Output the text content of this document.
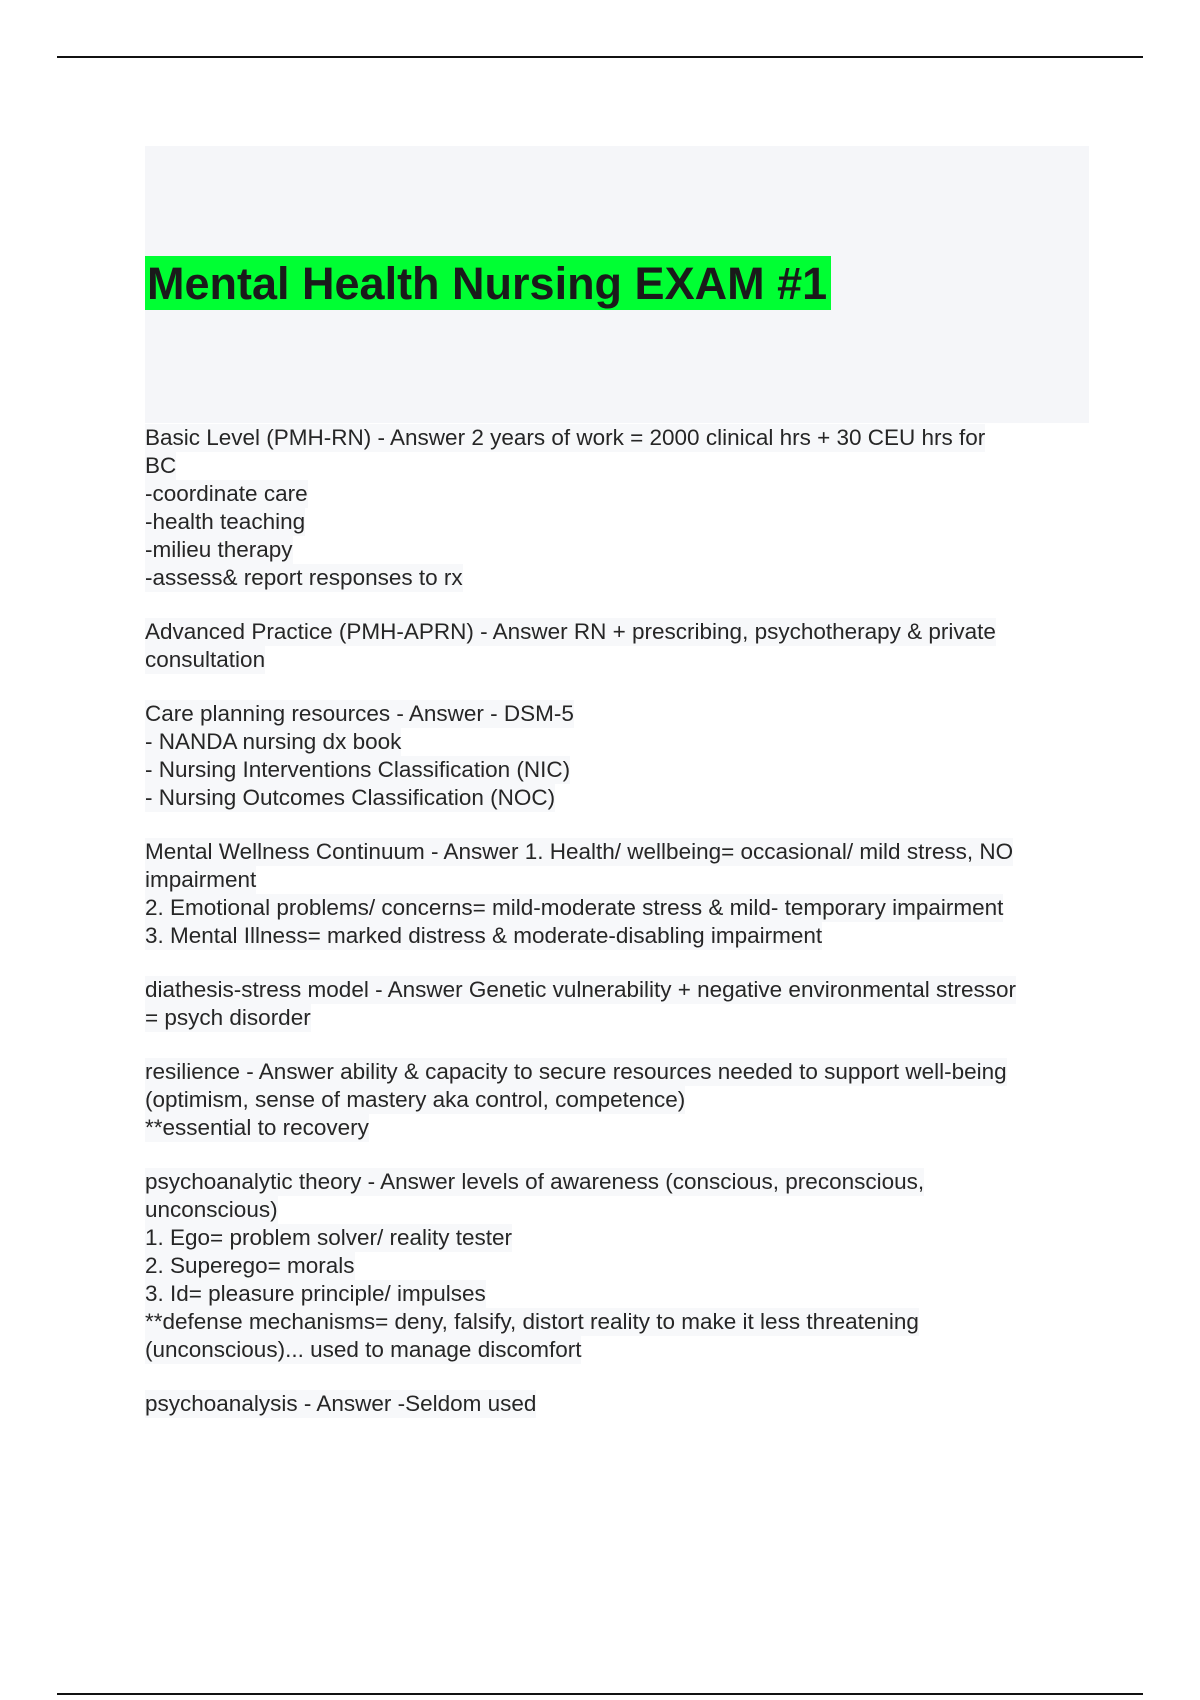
Mental Health Nursing EXAM #1
Basic Level (PMH-RN) - Answer 2 years of work = 2000 clinical hrs + 30 CEU hrs for
BC
-coordinate care
-health teaching
-milieu therapy
-assess& report responses to rx
Advanced Practice (PMH-APRN) - Answer RN + prescribing, psychotherapy & private
consultation
Care planning resources - Answer - DSM-5
- NANDA nursing dx book
- Nursing Interventions Classification (NIC)
- Nursing Outcomes Classification (NOC)
Mental Wellness Continuum - Answer 1. Health/ wellbeing= occasional/ mild stress, NO
impairment
2. Emotional problems/ concerns= mild-moderate stress & mild- temporary impairment
3. Mental Illness= marked distress & moderate-disabling impairment
diathesis-stress model - Answer Genetic vulnerability + negative environmental stressor
= psych disorder
resilience - Answer ability & capacity to secure resources needed to support well-being
(optimism, sense of mastery aka control, competence)
**essential to recovery
psychoanalytic theory - Answer levels of awareness (conscious, preconscious,
unconscious)
1. Ego= problem solver/ reality tester
2. Superego= morals
3. Id= pleasure principle/ impulses
**defense mechanisms= deny, falsify, distort reality to make it less threatening
(unconscious)... used to manage discomfort
psychoanalysis - Answer -Seldom used
